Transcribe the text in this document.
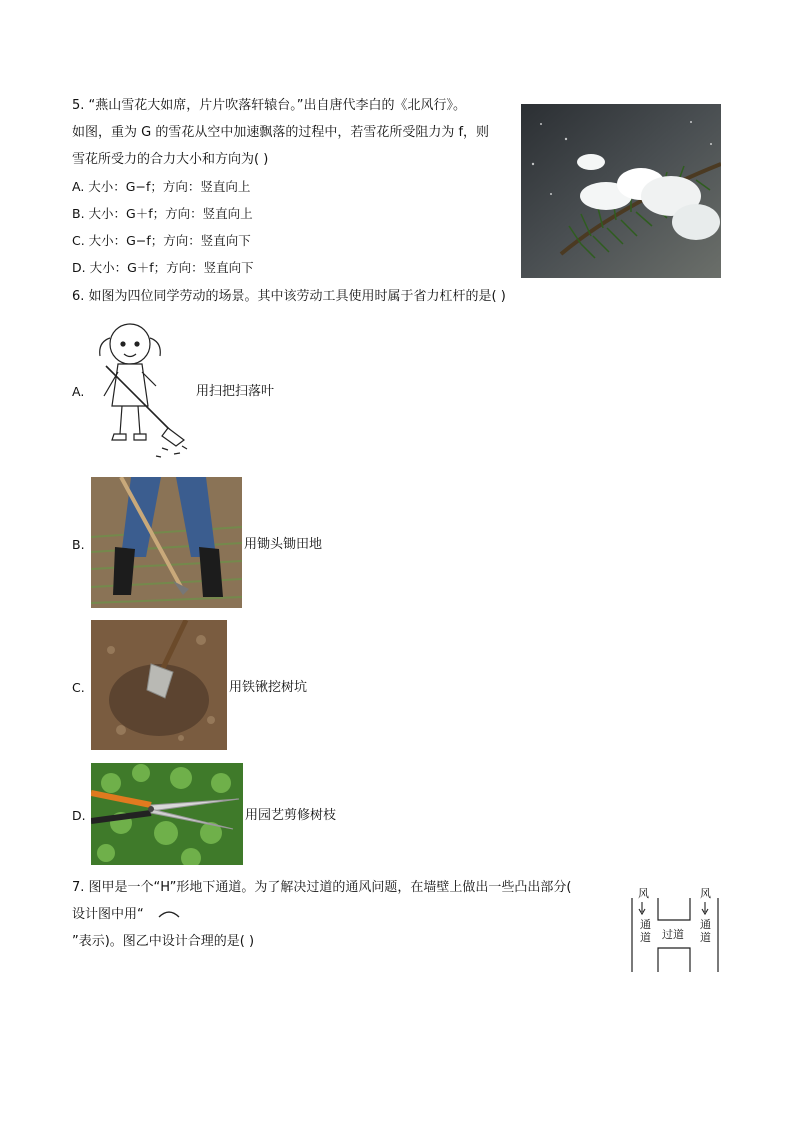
5. “燕山雪花大如席，片片吹落轩辕台。”出自唐代李白的《北风行》。
如图，重为 G 的雪花从空中加速飘落的过程中，若雪花所受阻力为 f，则
雪花所受力的合力大小和方向为( )
A. 大小：G−f；方向：竖直向上
B. 大小：G＋f；方向：竖直向上
C. 大小：G−f；方向：竖直向下
D. 大小：G＋f；方向：竖直向下
6. 如图为四位同学劳动的场景。其中该劳动工具使用时属于省力杠杆的是( )
A.	用扫把扫落叶
B.	用锄头锄田地
C.	用铁锹挖树坑
D.	用园艺剪修树枝
7. 图甲是一个“H”形地下通道。为了解决过道的通风问题，在墙壁上做出一些凸出部分(
设计图中用“
”表示)。图乙中设计合理的是( )
风	风
通道
通道
过道
